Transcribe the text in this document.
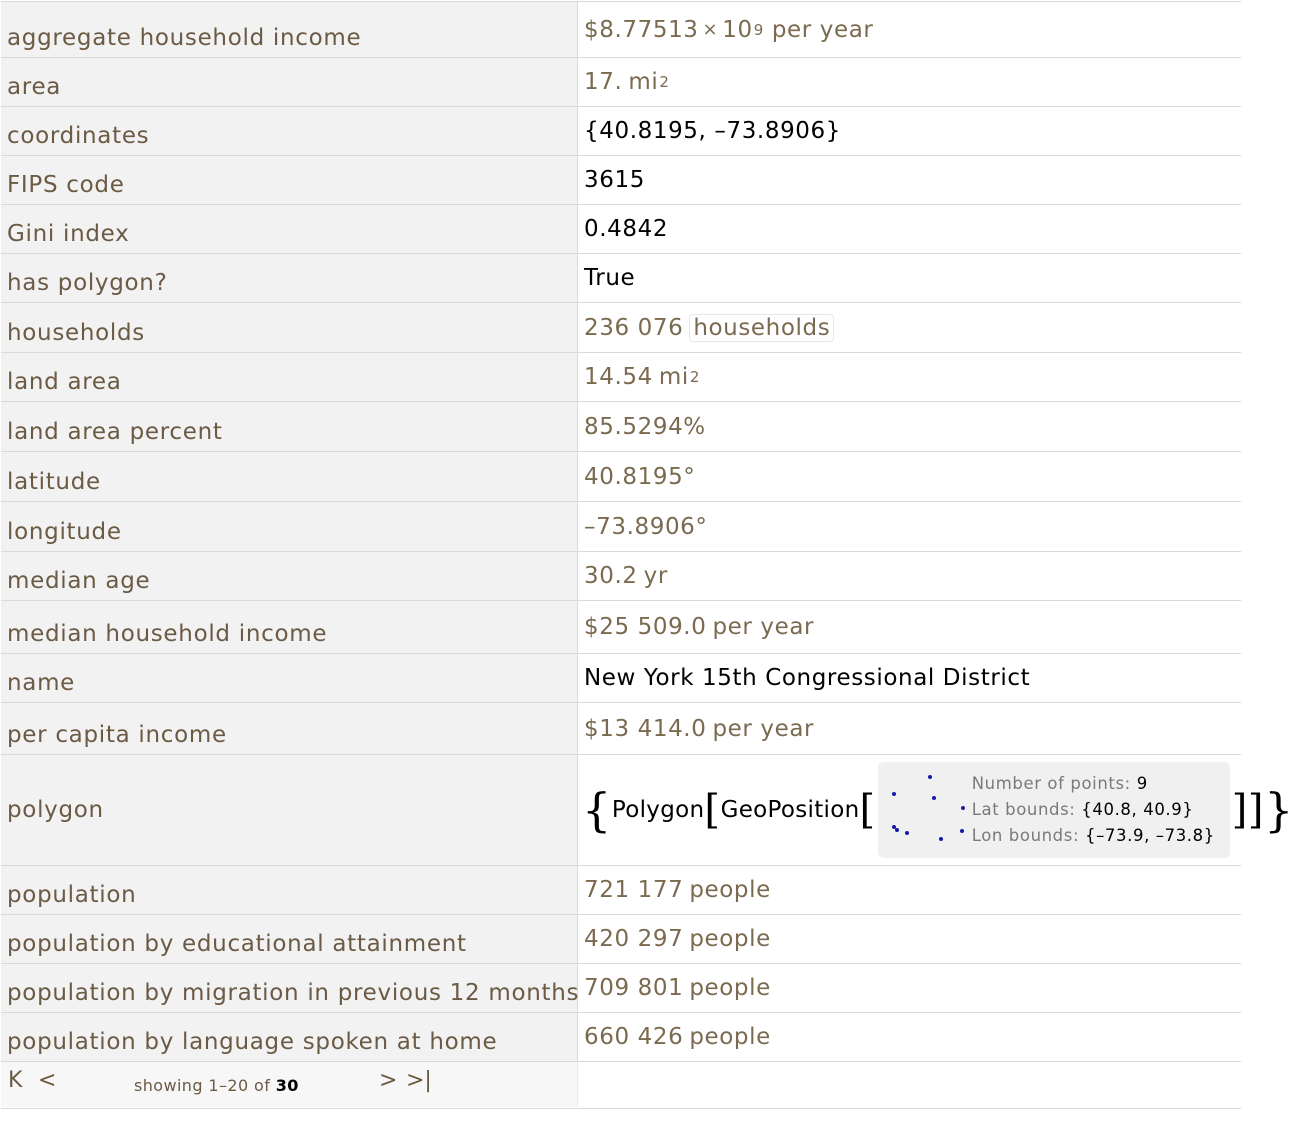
aggregate household income	$8.77513 × 10 9 per year
area	17. mi 2
coordinates	{40.8195, –73.8906}
FIPS code	3615
Gini index	0.4842
has polygon?	True
households	236 076 households
land area	14.54 mi 2
land area percent	85.5294%
latitude	40.8195°
longitude	–73.8906°
median age	30.2 yr
median household income	$25 509.0 per year
name	New York 15th Congressional District
per capita income	$13 414.0 per year
polygon	{ Polygon [ GeoPosition [
Number of points: 9
Lat bounds: {40.8, 40.9}
Lon bounds: {–73.9, –73.8}
]] }
population	721 177 people
population by educational attainment	420 297 people
population by migration in previous 12 months 709 801 people
population by language spoken at home	660 426 people
K <	showing 1–20 of 30	> >|
